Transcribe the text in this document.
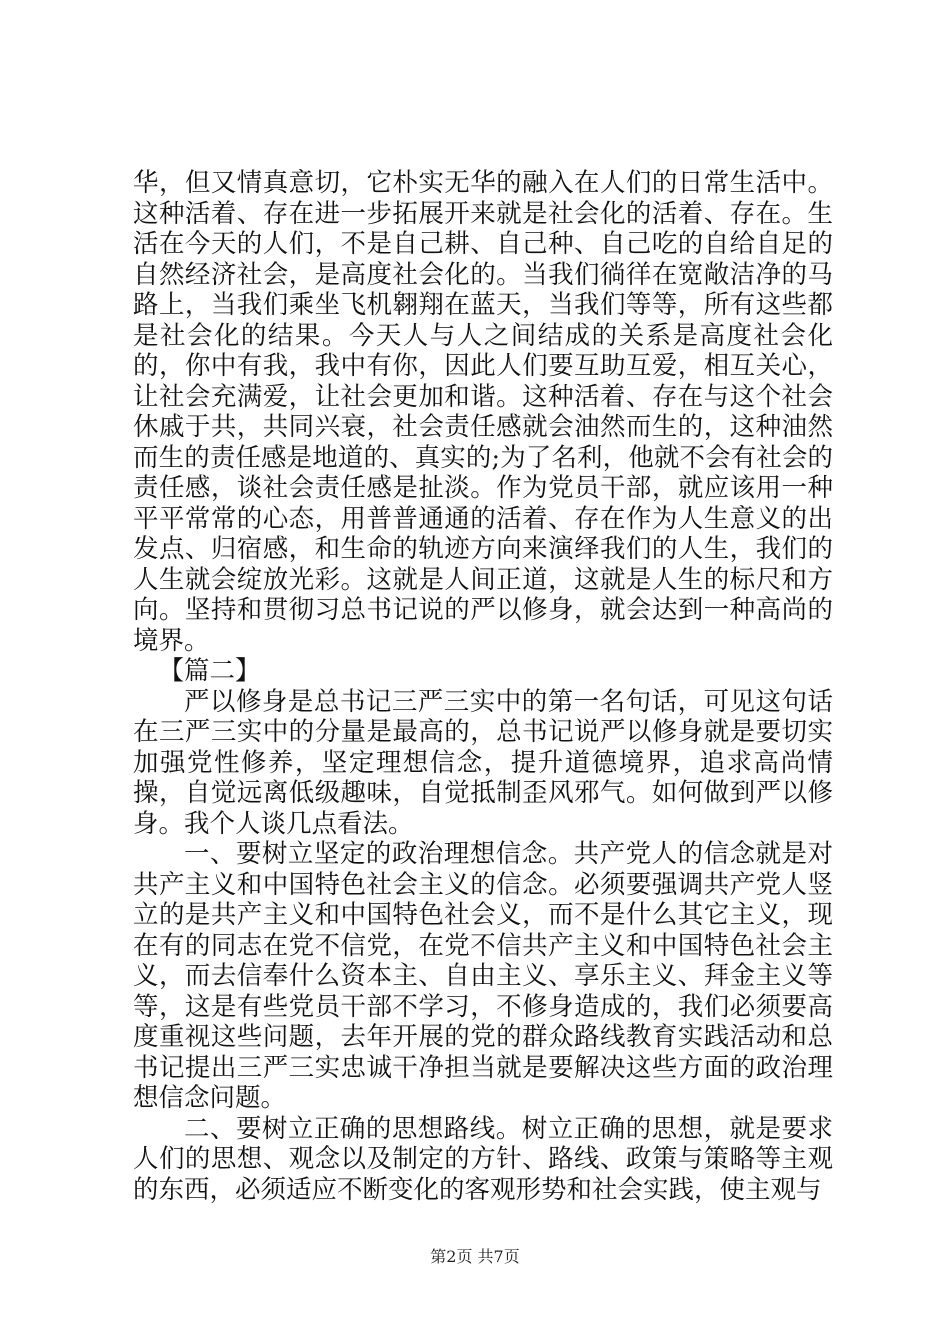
华，但又情真意切，它朴实无华的融入在人们的日常生活中。这种活着、存在进一步拓展开来就是社会化的活着、存在。生活在今天的人们，不是自己耕、自己种、自己吃的自给自足的自然经济社会，是高度社会化的。当我们徜徉在宽敞洁净的马路上，当我们乘坐飞机翱翔在蓝天，当我们等等，所有这些都是社会化的结果。今天人与人之间结成的关系是高度社会化的，你中有我，我中有你，因此人们要互助互爱，相互关心，让社会充满爱，让社会更加和谐。这种活着、存在与这个社会休戚于共，共同兴衰，社会责任感就会油然而生的，这种油然而生的责任感是地道的、真实的;为了名利，他就不会有社会的责任感，谈社会责任感是扯淡。作为党员干部，就应该用一种平平常常的心态，用普普通通的活着、存在作为人生意义的出发点、归宿感，和生命的轨迹方向来演绎我们的人生，我们的人生就会绽放光彩。这就是人间正道，这就是人生的标尺和方向。坚持和贯彻习总书记说的严以修身，就会达到一种高尚的境界。

【篇二】

严以修身是总书记三严三实中的第一名句话，可见这句话在三严三实中的分量是最高的，总书记说严以修身就是要切实加强党性修养，坚定理想信念，提升道德境界，追求高尚情操，自觉远离低级趣味，自觉抵制歪风邪气。如何做到严以修身。我个人谈几点看法。

一、要树立坚定的政治理想信念。共产党人的信念就是对共产主义和中国特色社会主义的信念。必须要强调共产党人竖立的是共产主义和中国特色社会义，而不是什么其它主义，现在有的同志在党不信党，在党不信共产主义和中国特色社会主义，而去信奉什么资本主、自由主义、享乐主义、拜金主义等等，这是有些党员干部不学习，不修身造成的，我们必须要高度重视这些问题，去年开展的党的群众路线教育实践活动和总书记提出三严三实忠诚干净担当就是要解决这些方面的政治理想信念问题。

二、要树立正确的思想路线。树立正确的思想，就是要求人们的思想、观念以及制定的方针、路线、政策与策略等主观的东西，必须适应不断变化的客观形势和社会实践，使主观与

第2页 共7页
